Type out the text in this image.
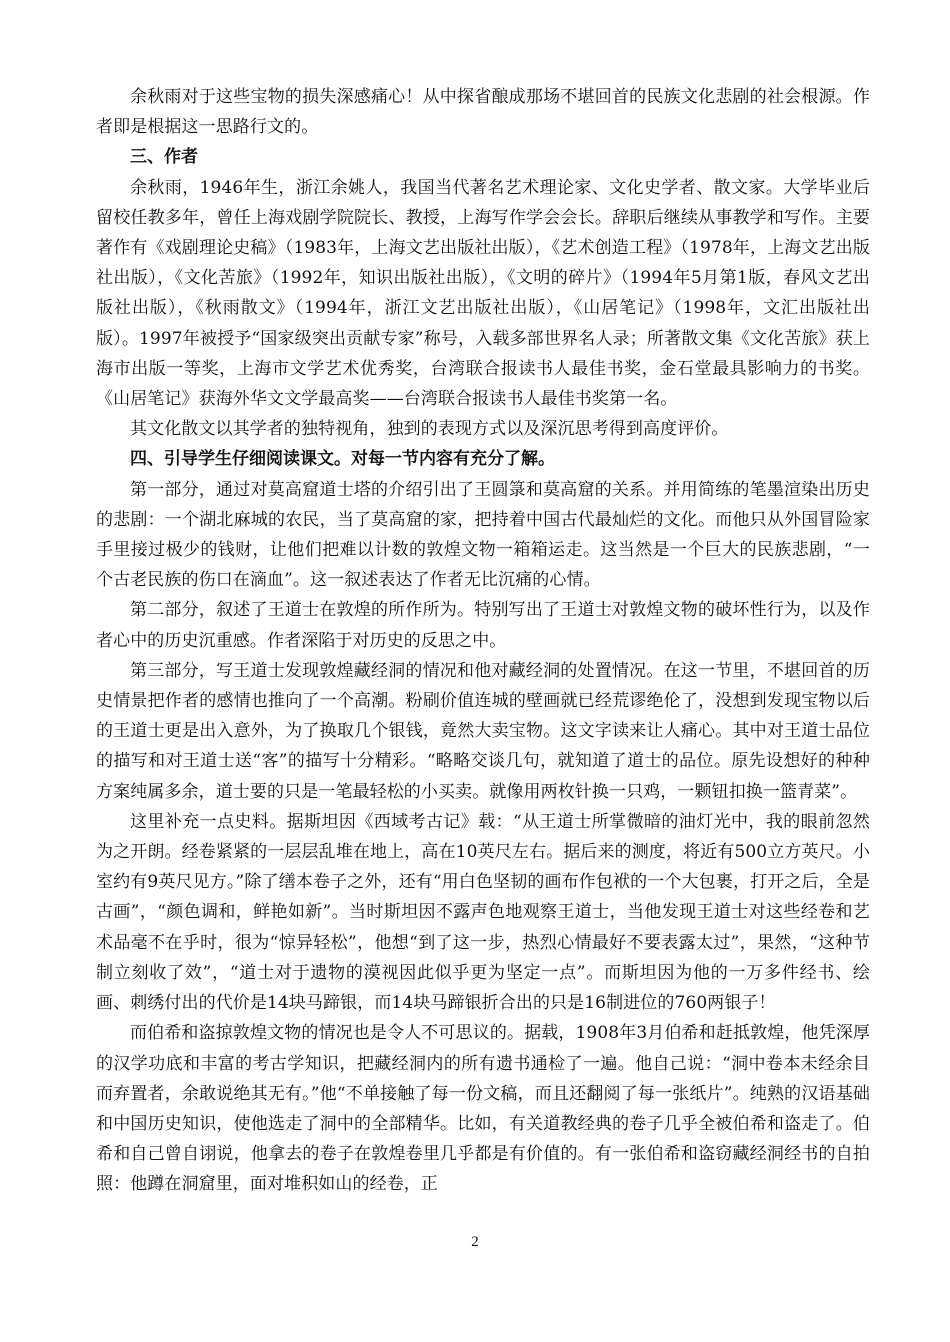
余秋雨对于这些宝物的损失深感痛心！从中探省酿成那场不堪回首的民族文化悲剧的社会根源。作者即是根据这一思路行文的。

三、作者

余秋雨，1946年生，浙江余姚人，我国当代著名艺术理论家、文化史学者、散文家。大学毕业后留校任教多年，曾任上海戏剧学院院长、教授，上海写作学会会长。辞职后继续从事教学和写作。主要著作有《戏剧理论史稿》（1983年，上海文艺出版社出版），《艺术创造工程》（1978年，上海文艺出版社出版），《文化苦旅》（1992年，知识出版社出版），《文明的碎片》（1994年5月第1版，春风文艺出版社出版），《秋雨散文》（1994年，浙江文艺出版社出版），《山居笔记》（1998年，文汇出版社出版）。1997年被授予“国家级突出贡献专家”称号，入载多部世界名人录；所著散文集《文化苦旅》获上海市出版一等奖，上海市文学艺术优秀奖，台湾联合报读书人最佳书奖，金石堂最具影响力的书奖。《山居笔记》获海外华文文学最高奖——台湾联合报读书人最佳书奖第一名。

其文化散文以其学者的独特视角，独到的表现方式以及深沉思考得到高度评价。

四、引导学生仔细阅读课文。对每一节内容有充分了解。

第一部分，通过对莫高窟道士塔的介绍引出了王圆箓和莫高窟的关系。并用简练的笔墨渲染出历史的悲剧：一个湖北麻城的农民，当了莫高窟的家，把持着中国古代最灿烂的文化。而他只从外国冒险家手里接过极少的钱财，让他们把难以计数的敦煌文物一箱箱运走。这当然是一个巨大的民族悲剧，“一个古老民族的伤口在滴血”。这一叙述表达了作者无比沉痛的心情。

第二部分，叙述了王道士在敦煌的所作所为。特别写出了王道士对敦煌文物的破坏性行为，以及作者心中的历史沉重感。作者深陷于对历史的反思之中。

第三部分，写王道士发现敦煌藏经洞的情况和他对藏经洞的处置情况。在这一节里，不堪回首的历史情景把作者的感情也推向了一个高潮。粉刷价值连城的壁画就已经荒谬绝伦了，没想到发现宝物以后的王道士更是出入意外，为了换取几个银钱，竟然大卖宝物。这文字读来让人痛心。其中对王道士品位的描写和对王道士送“客”的描写十分精彩。“略略交谈几句，就知道了道士的品位。原先设想好的种种方案纯属多余，道士要的只是一笔最轻松的小买卖。就像用两枚针换一只鸡，一颗钮扣换一篮青菜”。

这里补充一点史料。据斯坦因《西域考古记》载：“从王道士所掌微暗的油灯光中，我的眼前忽然为之开朗。经卷紧紧的一层层乱堆在地上，高在10英尺左右。据后来的测度，将近有500立方英尺。小室约有9英尺见方。”除了缮本卷子之外，还有“用白色坚韧的画布作包袱的一个大包裹，打开之后，全是古画”，“颜色调和，鲜艳如新”。当时斯坦因不露声色地观察王道士，当他发现王道士对这些经卷和艺术品毫不在乎时，很为“惊异轻松”，他想“到了这一步，热烈心情最好不要表露太过”，果然，“这种节制立刻收了效”，“道士对于遗物的漠视因此似乎更为坚定一点”。而斯坦因为他的一万多件经书、绘画、刺绣付出的代价是14块马蹄银，而14块马蹄银折合出的只是16制进位的760两银子！

而伯希和盗掠敦煌文物的情况也是令人不可思议的。据载，1908年3月伯希和赶抵敦煌，他凭深厚的汉学功底和丰富的考古学知识，把藏经洞内的所有遗书通检了一遍。他自己说：“洞中卷本未经余目而弃置者，余敢说绝其无有。”他“不单接触了每一份文稿，而且还翻阅了每一张纸片”。纯熟的汉语基础和中国历史知识，使他选走了洞中的全部精华。比如，有关道教经典的卷子几乎全被伯希和盗走了。伯希和自己曾自诩说，他拿去的卷子在敦煌卷里几乎都是有价值的。有一张伯希和盗窃藏经洞经书的自拍照：他蹲在洞窟里，面对堆积如山的经卷，正

2
